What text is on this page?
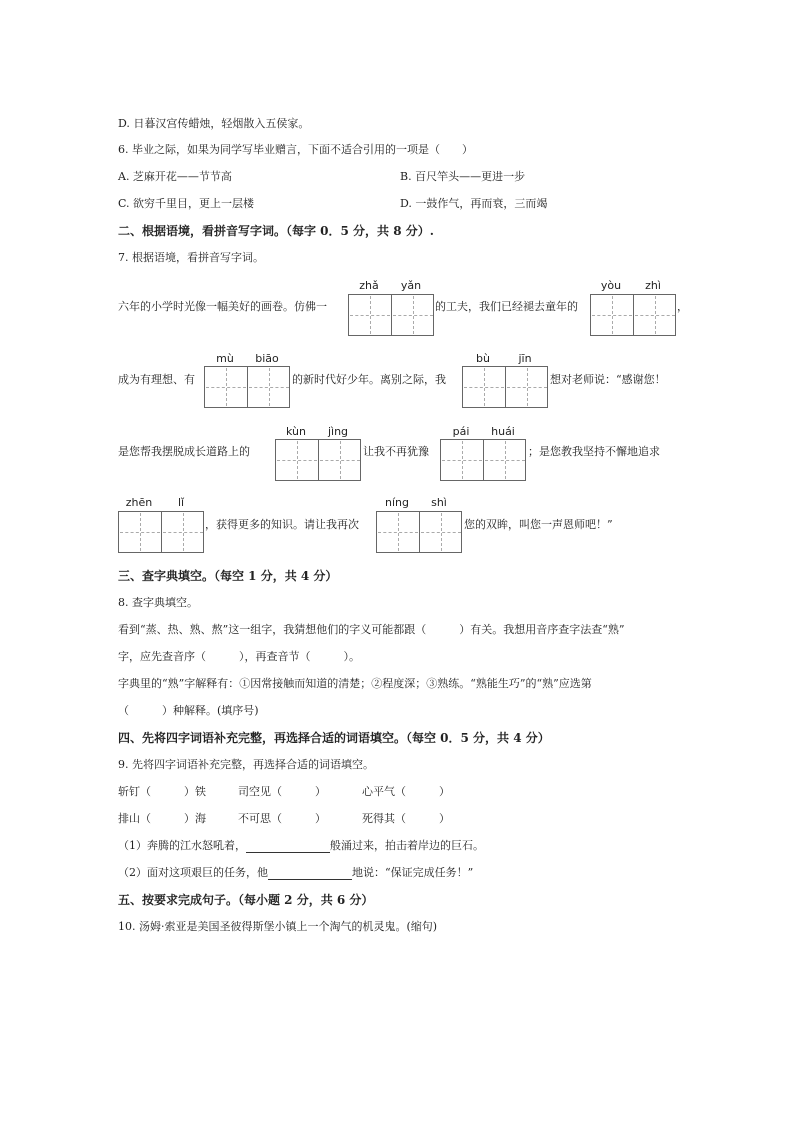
D. 日暮汉宫传蜡烛，轻烟散入五侯家。
6. 毕业之际，如果为同学写毕业赠言，下面不适合引用的一项是（　　）
A. 芝麻开花——节节高	B. 百尺竿头——更进一步
C. 欲穷千里目，更上一层楼	D. 一鼓作气，再而衰，三而竭
二、根据语境，看拼音写字词。（每字 0．5 分，共 8 分）.
7. 根据语境，看拼音写字词。
zhǎ	yǎn	yòu	zhì
六年的小学时光像一幅美好的画卷。仿佛一	的工夫，我们已经褪去童年的	，
mù	biāo	bù	jīn
成为有理想、有	的新时代好少年。离别之际，我	想对老师说：“感谢您！
kùn	jìng	pái	huái
是您帮我摆脱成长道路上的	让我不再犹豫	；是您教我坚持不懈地追求
zhēn	lǐ	níng	shì
，获得更多的知识。请让我再次	您的双眸，叫您一声恩师吧！”
三、查字典填空。（每空 1 分，共 4 分）
8. 查字典填空。
看到“蒸、热、熟、熬”这一组字，我猜想他们的字义可能都跟（　　　）有关。我想用音序查字法查“熟”
字，应先查音序（　　　），再查音节（　　　）。
字典里的“熟”字解释有：①因常接触而知道的清楚；②程度深；③熟练。“熟能生巧”的“熟”应选第
（　　　）种解释。(填序号)
四、先将四字词语补充完整，再选择合适的词语填空。（每空 0．5 分，共 4 分）
9. 先将四字词语补充完整，再选择合适的词语填空。
斩钉（　　　）铁	司空见（　　　）	心平气（　　　）
排山（　　　）海	不可思（　　　）	死得其（　　　）
（1）奔腾的江水怒吼着，	般涌过来，拍击着岸边的巨石。
（2）面对这项艰巨的任务，他	地说：“保证完成任务！”
五、按要求完成句子。（每小题 2 分，共 6 分）
10. 汤姆·索亚是美国圣彼得斯堡小镇上一个淘气的机灵鬼。(缩句)
